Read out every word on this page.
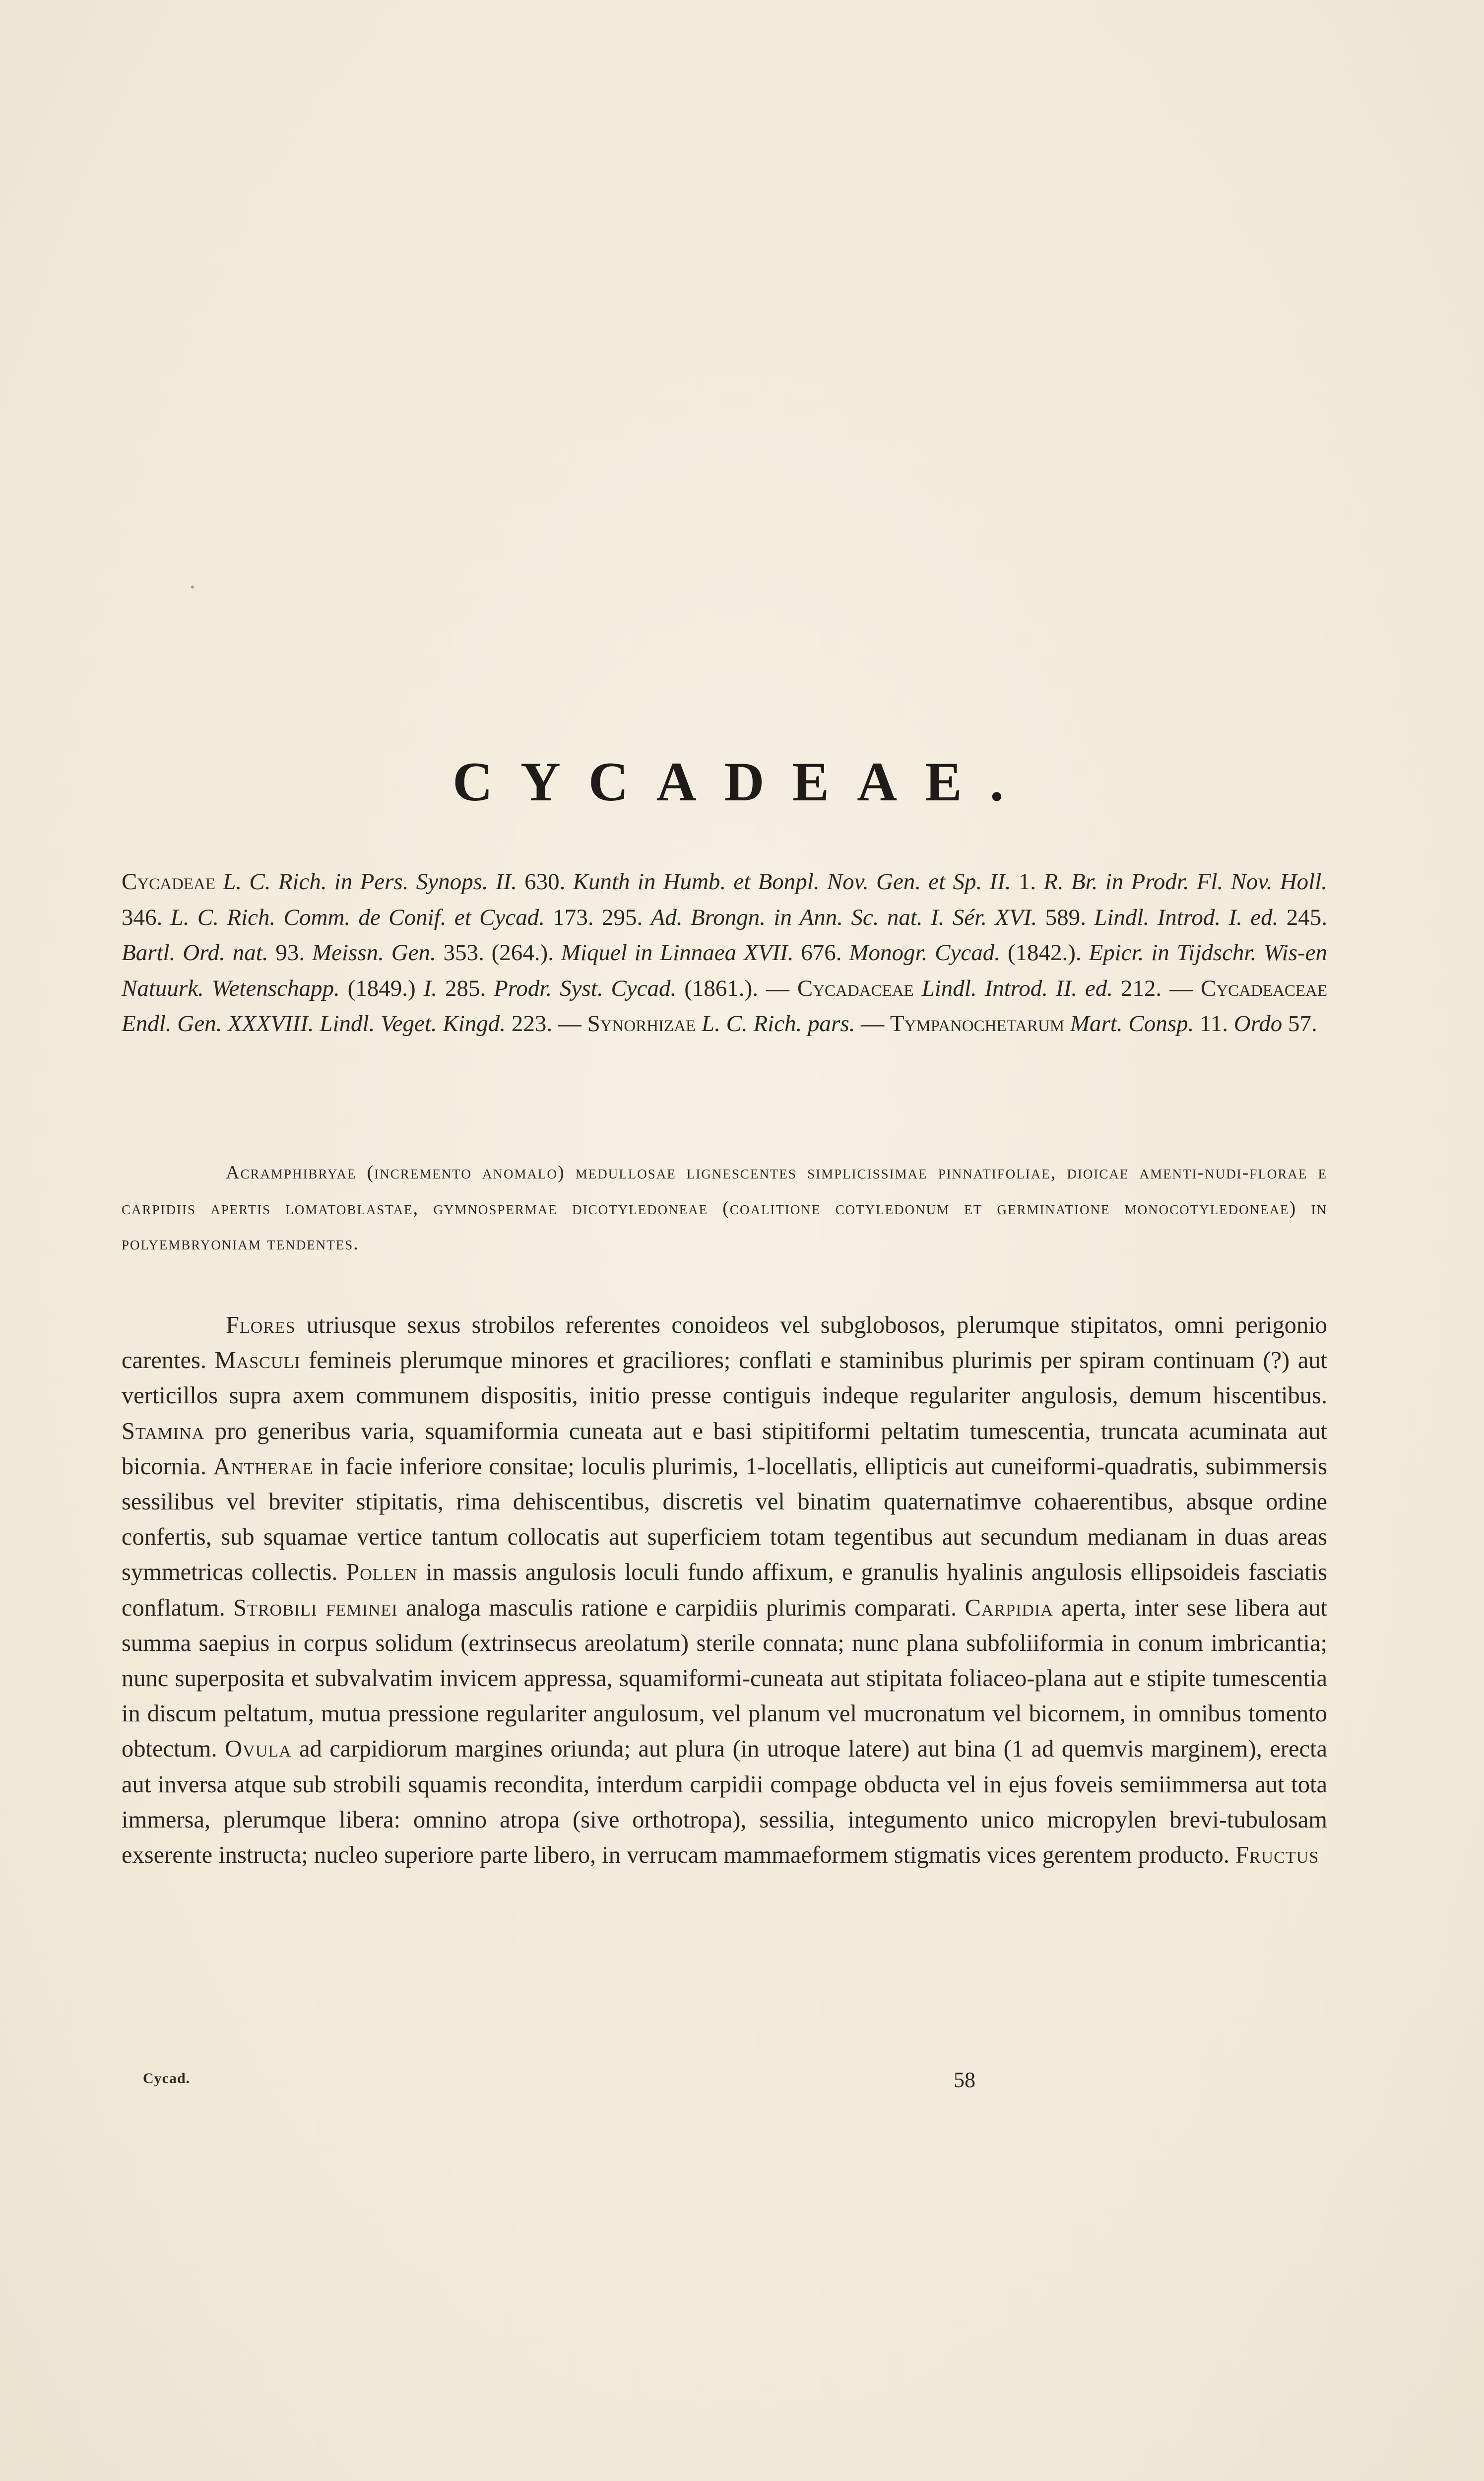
CYCADEAE.
Cycadeae L. C. Rich. in Pers. Synops. II. 630. Kunth in Humb. et Bonpl. Nov. Gen. et Sp. II. 1. R. Br. in Prodr. Fl. Nov. Holl. 346. L. C. Rich. Comm. de Conif. et Cycad. 173. 295. Ad. Brongn. in Ann. Sc. nat. I. Sér. XVI. 589. Lindl. Introd. I. ed. 245. Bartl. Ord. nat. 93. Meissn. Gen. 353. (264.). Miquel in Linnaea XVII. 676. Monogr. Cycad. (1842.). Epicr. in Tijdschr. Wis-en Natuurk. Wetenschapp. (1849.) I. 285. Prodr. Syst. Cycad. (1861.). — Cycadaceae Lindl. Introd. II. ed. 212. — Cycadeaceae Endl. Gen. XXXVIII. Lindl. Veget. Kingd. 223. — Synorhizae L. C. Rich. pars. — Tympanochetarum Mart. Consp. 11. Ordo 57.
Acramphibryae (incremento anomalo) medullosae lignescentes simplicissimae pinnatifoliae, dioicae amenti-nudi-florae e carpidiis apertis lomatoblastae, gymnospermae dicotyledoneae (coalitione cotyledonum et germinatione monocotyledoneae) in polyembryoniam tendentes.
Flores utriusque sexus strobilos referentes conoideos vel subglobosos, plerumque stipitatos, omni perigonio carentes. Masculi femineis plerumque minores et graciliores; conflati e staminibus plurimis per spiram continuam (?) aut verticillos supra axem communem dispositis, initio presse contiguis indeque regulariter angulosis, demum hiscentibus. Stamina pro generibus varia, squamiformia cuneata aut e basi stipitiformi peltatim tumescentia, truncata acuminata aut bicornia. Antherae in facie inferiore consitae; loculis plurimis, 1-locellatis, ellipticis aut cuneiformi-quadratis, subimmersis sessilibus vel breviter stipitatis, rima dehiscentibus, discretis vel binatim quaternatimve cohaerentibus, absque ordine confertis, sub squamae vertice tantum collocatis aut superficiem totam tegentibus aut secundum medianam in duas areas symmetricas collectis. Pollen in massis angulosis loculi fundo affixum, e granulis hyalinis angulosis ellipsoideis fasciatis conflatum. Strobili feminei analoga masculis ratione e carpidiis plurimis comparati. Carpidia aperta, inter sese libera aut summa saepius in corpus solidum (extrinsecus areolatum) sterile connata; nunc plana subfoliiformia in conum imbricantia; nunc superposita et subvalvatim invicem appressa, squamiformi-cuneata aut stipitata foliaceo-plana aut e stipite tumescentia in discum peltatum, mutua pressione regulariter angulosum, vel planum vel mucronatum vel bicornem, in omnibus tomento obtectum. Ovula ad carpidiorum margines oriunda; aut plura (in utroque latere) aut bina (1 ad quemvis marginem), erecta aut inversa atque sub strobili squamis recondita, interdum carpidii compage obducta vel in ejus foveis semiimmersa aut tota immersa, plerumque libera: omnino atropa (sive orthotropa), sessilia, integumento unico micropylen brevi-tubulosam exserente instructa; nucleo superiore parte libero, in verrucam mammaeformem stigmatis vices gerentem producto. Fructus
Cycad.	58
